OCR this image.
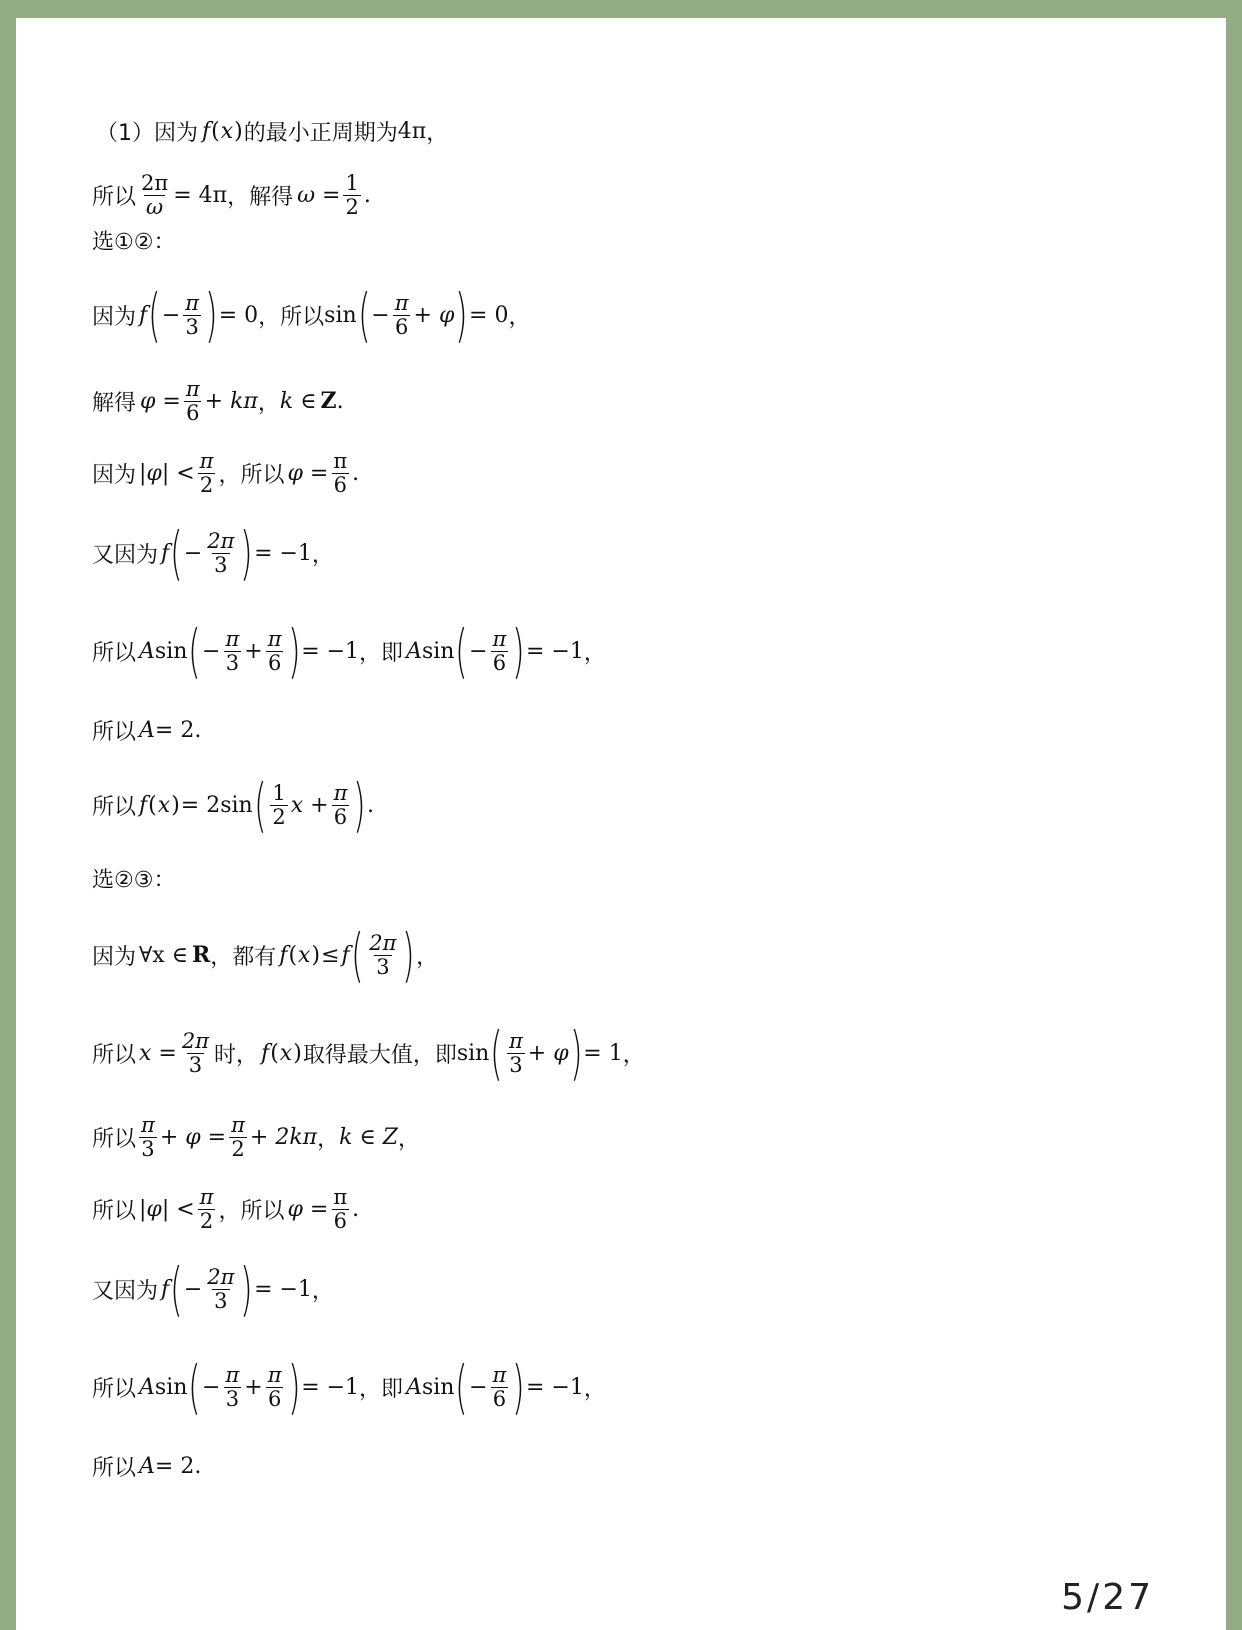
（1）因为 f ( x ) 的最小正周期为 4π ，
所以 $\frac{2\pi}{\omega} = 4\pi$ ，解得 $\omega = \frac{1}{2}$ .
选①②：
因为 f ( − $\frac{\pi}{3}$ ) = 0 ，所以 sin ( − $\frac{\pi}{6} + \varphi$ ) = 0 ，
解得 $\varphi = \frac{\pi}{6} + k\pi$ ， k ∈ Z .
因为 $|\varphi| < \frac{\pi}{2}$ ，所以 $\varphi = \frac{\pi}{6}$ .
又因为 f ( − $\frac{2\pi}{3}$ ) = −1 ，
所以 A sin ( − $\frac{\pi}{3} + \frac{\pi}{6}$ ) = −1 ，即 A sin ( − $\frac{\pi}{6}$ ) = −1 ，
所以 A = 2.
所以 f ( x ) = 2sin ( $\frac{1}{2}$ $x + \frac{\pi}{6}$ ) .
选②③：
因为 ∀x ∈ R ，都有 f ( x ) ≤ f ( $\frac{2\pi}{3}$ ) ，
所以 $x = \frac{2\pi}{3}$ 时， f ( x ) 取得最大值，即 sin ( $\frac{\pi}{3} + \varphi$ ) = 1 ，
所以 $\frac{\pi}{3} + \varphi = \frac{\pi}{2} + 2k\pi$ ， k ∈ Z ，
所以 $|\varphi| < \frac{\pi}{2}$ ，所以 $\varphi = \frac{\pi}{6}$ .
又因为 f ( − $\frac{2\pi}{3}$ ) = −1 ，
所以 A sin ( − $\frac{\pi}{3} + \frac{\pi}{6}$ ) = −1 ，即 A sin ( − $\frac{\pi}{6}$ ) = −1 ，
所以 A = 2.
5/27
